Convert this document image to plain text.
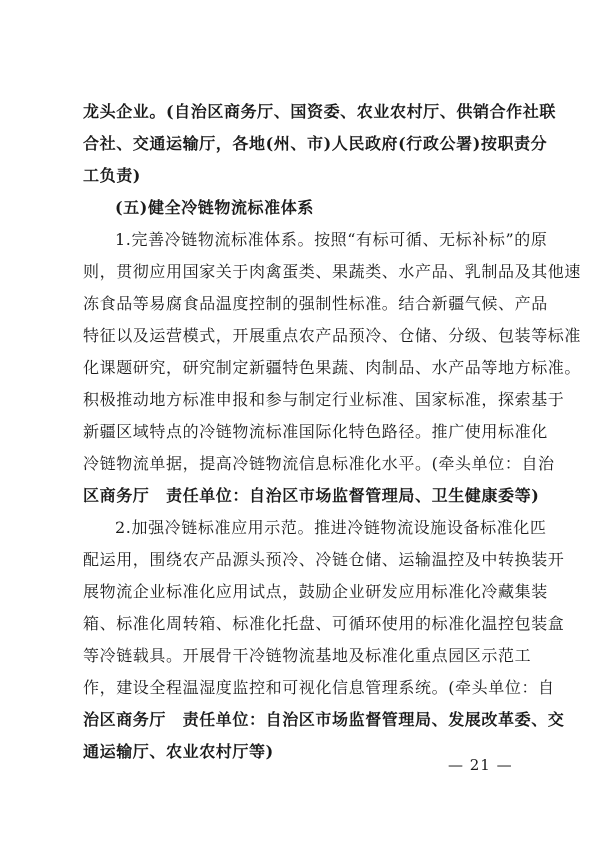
龙头企业。(自治区商务厅、国资委、农业农村厅、供销合作社联
合社、交通运输厅，各地(州、市)人民政府(行政公署)按职责分
工负责)
(五)健全冷链物流标准体系
1.完善冷链物流标准体系。按照“有标可循、无标补标”的原
则，贯彻应用国家关于肉禽蛋类、果蔬类、水产品、乳制品及其他速
冻食品等易腐食品温度控制的强制性标准。结合新疆气候、产品
特征以及运营模式，开展重点农产品预冷、仓储、分级、包装等标准
化课题研究，研究制定新疆特色果蔬、肉制品、水产品等地方标准。
积极推动地方标准申报和参与制定行业标准、国家标准，探索基于
新疆区域特点的冷链物流标准国际化特色路径。推广使用标准化
冷链物流单据，提高冷链物流信息标准化水平。(牵头单位：自治
区商务厅　责任单位：自治区市场监督管理局、卫生健康委等)
2.加强冷链标准应用示范。推进冷链物流设施设备标准化匹
配运用，围绕农产品源头预冷、冷链仓储、运输温控及中转换装开
展物流企业标准化应用试点，鼓励企业研发应用标准化冷藏集装
箱、标准化周转箱、标准化托盘、可循环使用的标准化温控包装盒
等冷链载具。开展骨干冷链物流基地及标准化重点园区示范工
作，建设全程温湿度监控和可视化信息管理系统。(牵头单位：自
治区商务厅　责任单位：自治区市场监督管理局、发展改革委、交
通运输厅、农业农村厅等)
— 21 —
